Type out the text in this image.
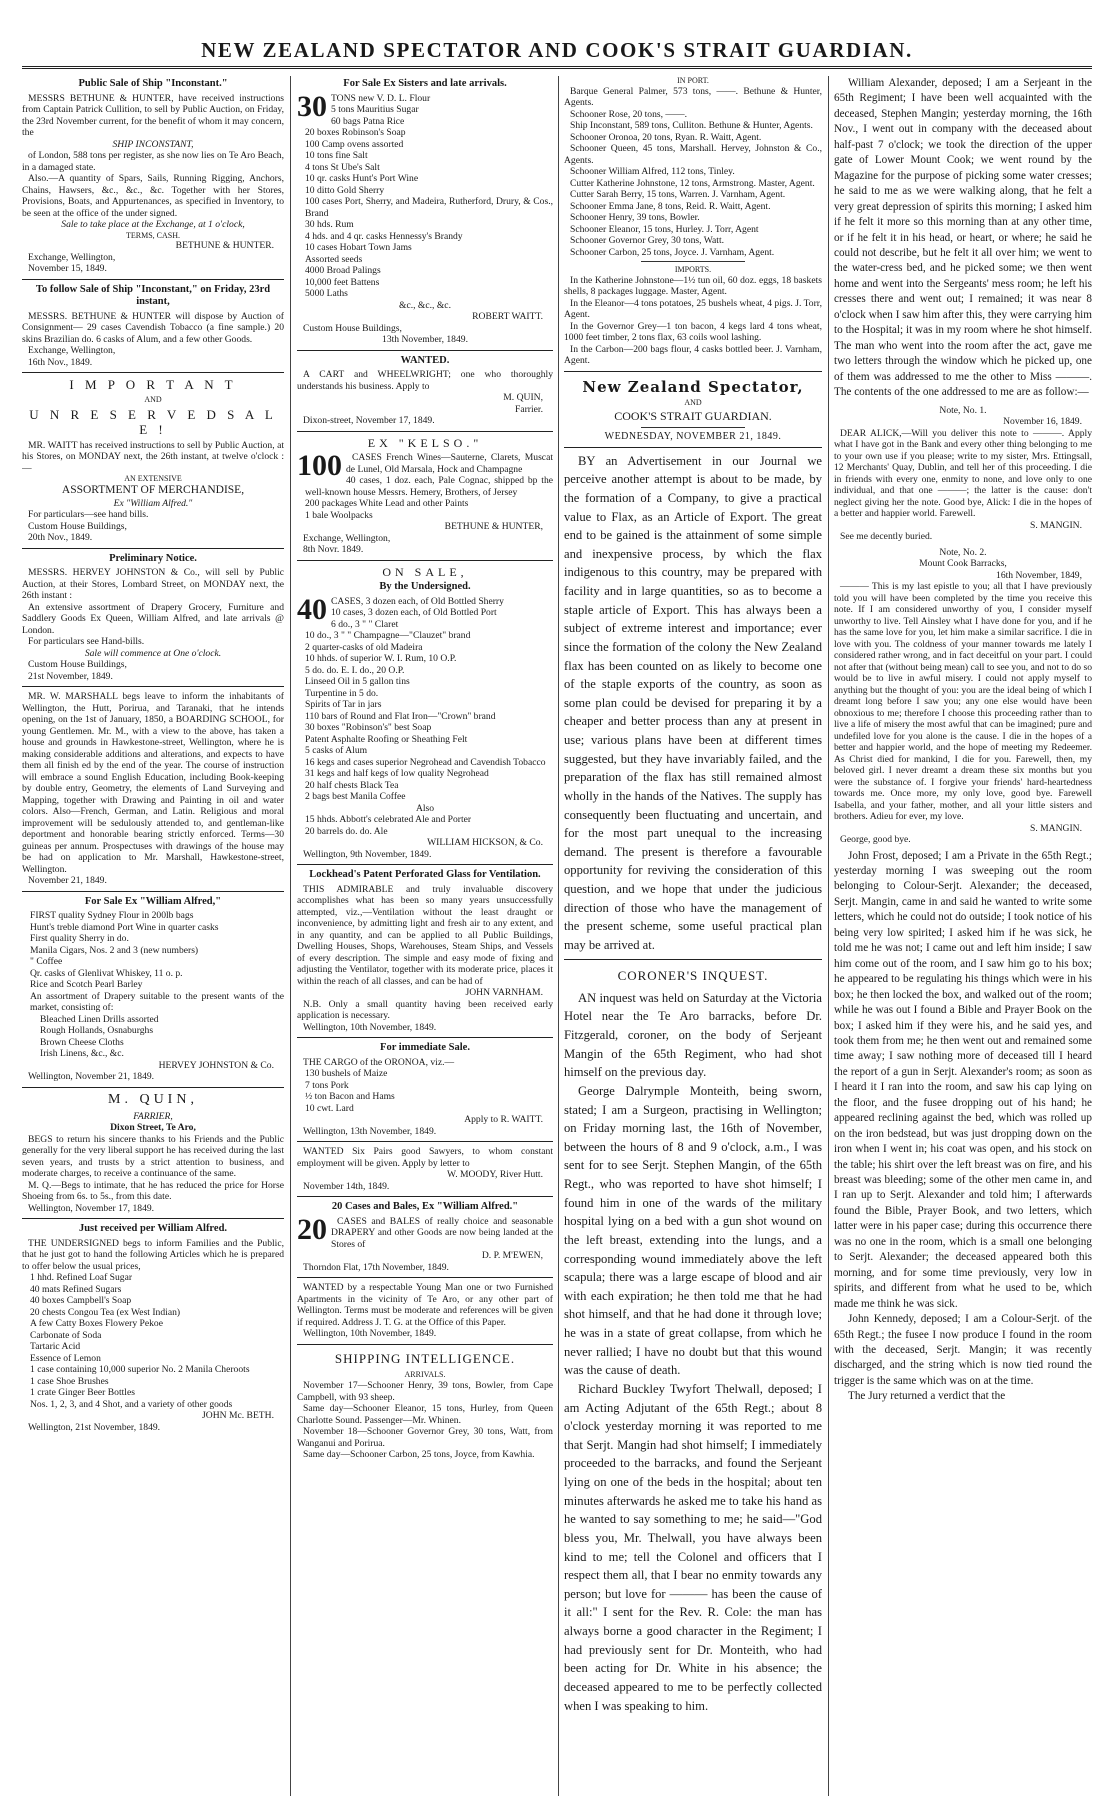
NEW ZEALAND SPECTATOR AND COOK'S STRAIT GUARDIAN.
Public Sale of Ship "Inconstant."

MESSRS BETHUNE & HUNTER, have received instructions from Captain Patrick Cullition, to sell by Public Auction, on Friday, the 23rd November current, for the benefit of whom it may concern, the

SHIP INCONSTANT,

of London, 588 tons per register, as she now lies on Te Aro Beach, in a damaged state.

Also.—A quantity of Spars, Sails, Running Rigging, Anchors, Chains, Hawsers, &c., &c., &c. Together with her Stores, Provisions, Boats, and Appurtenances, as specified in Inventory, to be seen at the office of the under signed.

Sale to take place at the Exchange, at 1 o'clock,

TERMS, CASH.

BETHUNE & HUNTER.

Exchange, Wellington,

November 15, 1849.

To follow Sale of Ship "Inconstant," on Friday, 23rd instant,

MESSRS. BETHUNE & HUNTER will dispose by Auction of Consignment— 29 cases Cavendish Tobacco (a fine sample.) 20 skins Brazilian do. 6 casks of Alum, and a few other Goods.

Exchange, Wellington,

16th Nov., 1849.

I M P O R T A N T

AND

U N R E S E R V E D S A L E !

MR. WAITT has received instructions to sell by Public Auction, at his Stores, on MONDAY next, the 26th instant, at twelve o'clock :—

AN EXTENSIVE

ASSORTMENT OF MERCHANDISE,

Ex "William Alfred."

For particulars—see hand bills.

Custom House Buildings,

20th Nov., 1849.

Preliminary Notice.

MESSRS. HERVEY JOHNSTON & Co., will sell by Public Auction, at their Stores, Lombard Street, on MONDAY next, the 26th instant :

An extensive assortment of Drapery Grocery, Furniture and Saddlery Goods Ex Queen, William Alfred, and late arrivals @ London.

For particulars see Hand-bills.

Sale will commence at One o'clock.

Custom House Buildings,

21st November, 1849.

MR. W. MARSHALL begs leave to inform the inhabitants of Wellington, the Hutt, Porirua, and Taranaki, that he intends opening, on the 1st of January, 1850, a BOARDING SCHOOL, for young Gentlemen. Mr. M., with a view to the above, has taken a house and grounds in Hawkestone-street, Wellington, where he is making considerable additions and alterations, and expects to have them all finish ed by the end of the year. The course of instruction will embrace a sound English Education, including Book-keeping by double entry, Geometry, the elements of Land Surveying and Mapping, together with Drawing and Painting in oil and water colors. Also—French, German, and Latin. Religious and moral improvement will be sedulously attended to, and gentleman-like deportment and honorable bearing strictly enforced. Terms—30 guineas per annum. Prospectuses with drawings of the house may be had on application to Mr. Marshall, Hawkestone-street, Wellington.

November 21, 1849.

For Sale Ex "William Alfred,"

FIRST quality Sydney Flour in 200lb bags

Hunt's treble diamond Port Wine in quarter casks

First quality Sherry in do.

Manila Cigars, Nos. 2 and 3 (new numbers)

" Coffee

Qr. casks of Glenlivat Whiskey, 11 o. p.

Rice and Scotch Pearl Barley

An assortment of Drapery suitable to the present wants of the market, consisting of:

Bleached Linen Drills assorted

Rough Hollands, Osnaburghs

Brown Cheese Cloths

Irish Linens, &c., &c.

HERVEY JOHNSTON & Co.

Wellington, November 21, 1849.

M. QUIN,

FARRIER,

Dixon Street, Te Aro,

BEGS to return his sincere thanks to his Friends and the Public generally for the very liberal support he has received during the last seven years, and trusts by a strict attention to business, and moderate charges, to receive a continuance of the same.

M. Q.—Begs to intimate, that he has reduced the price for Horse Shoeing from 6s. to 5s., from this date.

Wellington, November 17, 1849.

Just received per William Alfred.

THE UNDERSIGNED begs to inform Families and the Public, that he just got to hand the following Articles which he is prepared to offer below the usual prices,

1 hhd. Refined Loaf Sugar

40 mats Refined Sugars

40 boxes Campbell's Soap

20 chests Congou Tea (ex West Indian)

A few Catty Boxes Flowery Pekoe

Carbonate of Soda

Tartaric Acid

Essence of Lemon

1 case containing 10,000 superior No. 2 Manila Cheroots

1 case Shoe Brushes

1 crate Ginger Beer Bottles

Nos. 1, 2, 3, and 4 Shot, and a variety of other goods

JOHN Mc. BETH.

Wellington, 21st November, 1849.

For Sale Ex Sisters and late arrivals.
30 TONS new V. D. L. Flour

5 tons Mauritius Sugar

60 bags Patna Rice

20 boxes Robinson's Soap

100 Camp ovens assorted

10 tons fine Salt

4 tons St Ube's Salt

10 qr. casks Hunt's Port Wine

10 ditto Gold Sherry

100 cases Port, Sherry, and Madeira, Rutherford, Drury, & Cos., Brand

30 hds. Rum

4 hds. and 4 qr. casks Hennessy's Brandy

10 cases Hobart Town Jams

Assorted seeds

4000 Broad Palings

10,000 feet Battens

5000 Laths

&c., &c., &c.

ROBERT WAITT.

Custom House Buildings,

13th November, 1849.

WANTED.

A CART and WHEELWRIGHT; one who thoroughly understands his business. Apply to

M. QUIN,

Farrier.

Dixon-street, November 17, 1849.

EX "KELSO."
100	CASES French Wines—Sauterne, Clarets, Muscat de Lunel, Old Marsala, Hock and Champagne

40 cases, 1 doz. each, Pale Cognac, shipped bp the well-known house Messrs. Hemery, Brothers, of Jersey

200 packages White Lead and other Paints

1 bale Woolpacks

BETHUNE & HUNTER,

Exchange, Wellington,

8th Novr. 1849.

ON SALE,
By the Undersigned.
40 CASES, 3 dozen each, of Old Bottled Sherry

10 cases, 3 dozen each, of Old Bottled Port

6 do., 3 " " Claret

10 do., 3 " " Champagne—"Clauzet" brand

2 quarter-casks of old Madeira

10 hhds. of superior W. I. Rum, 10 O.P.

5 do. do. E. I. do., 20 O.P.

Linseed Oil in 5 gallon tins

Turpentine in 5 do.

Spirits of Tar in jars

110 bars of Round and Flat Iron—"Crown" brand

30 boxes "Robinson's" best Soap

Patent Asphalte Roofing or Sheathing Felt

5 casks of Alum

16 kegs and cases superior Negrohead and Cavendish Tobacco

31 kegs and half kegs of low quality Negrohead

20 half chests Black Tea

2 bags best Manila Coffee

Also

15 hhds. Abbott's celebrated Ale and Porter

20 barrels do. do. Ale

WILLIAM HICKSON, & Co.

Wellington, 9th November, 1849.

Lockhead's Patent Perforated Glass for Ventilation.

THIS ADMIRABLE and truly invaluable discovery accomplishes what has been so many years unsuccessfully attempted, viz.,—Ventilation without the least draught or inconvenience, by admitting light and fresh air to any extent, and in any quantity, and can be applied to all Public Buildings, Dwelling Houses, Shops, Warehouses, Steam Ships, and Vessels of every description. The simple and easy mode of fixing and adjusting the Ventilator, together with its moderate price, places it within the reach of all classes, and can be had of

JOHN VARNHAM.

N.B. Only a small quantity having been received early application is necessary.

Wellington, 10th November, 1849.

For immediate Sale.

THE CARGO of the ORONOA, viz.—

130 bushels of Maize

7 tons Pork

½ ton Bacon and Hams

10 cwt. Lard

Apply to R. WAITT.

Wellington, 13th November, 1849.

WANTED Six Pairs good Sawyers, to whom constant employment will be given. Apply by letter to

W. MOODY, River Hutt.

November 14th, 1849.

20 Cases and Bales, Ex "William Alfred."
20	CASES and BALES of really choice and seasonable DRAPERY and other Goods are now being landed at the Stores of

D. P. M'EWEN,

Thorndon Flat, 17th November, 1849.

WANTED by a respectable Young Man one or two Furnished Apartments in the vicinity of Te Aro, or any other part of Wellington. Terms must be moderate and references will be given if required. Address J. T. G. at the Office of this Paper.

Wellington, 10th November, 1849.

SHIPPING INTELLIGENCE.

ARRIVALS.

November 17—Schooner Henry, 39 tons, Bowler, from Cape Campbell, with 93 sheep.

Same day—Schooner Eleanor, 15 tons, Hurley, from Queen Charlotte Sound. Passenger—Mr. Whinen.

November 18—Schooner Governor Grey, 30 tons, Watt, from Wanganui and Porirua.

Same day—Schooner Carbon, 25 tons, Joyce, from Kawhia.

IN PORT.

Barque General Palmer, 573 tons, ——. Bethune & Hunter, Agents.

Schooner Rose, 20 tons, ——.

Ship Inconstant, 589 tons, Culliton. Bethune & Hunter, Agents.

Schooner Oronoa, 20 tons, Ryan. R. Waitt, Agent.

Schooner Queen, 45 tons, Marshall. Hervey, Johnston & Co., Agents.

Schooner William Alfred, 112 tons, Tinley.

Cutter Katherine Johnstone, 12 tons, Armstrong. Master, Agent.

Cutter Sarah Berry, 15 tons, Warren. J. Varnham, Agent.

Schooner Emma Jane, 8 tons, Reid. R. Waitt, Agent.

Schooner Henry, 39 tons, Bowler.

Schooner Eleanor, 15 tons, Hurley. J. Torr, Agent

Schooner Governor Grey, 30 tons, Watt.

Schooner Carbon, 25 tons, Joyce. J. Varnham, Agent.

IMPORTS.

In the Katherine Johnstone—1½ tun oil, 60 doz. eggs, 18 baskets shells, 8 packages luggage. Master, Agent.

In the Eleanor—4 tons potatoes, 25 bushels wheat, 4 pigs. J. Torr, Agent.

In the Governor Grey—1 ton bacon, 4 kegs lard 4 tons wheat, 1000 feet timber, 2 tons flax, 63 coils wool lashing.

In the Carbon—200 bags flour, 4 casks bottled beer. J. Varnham, Agent.

New Zealand Spectator,

AND

COOK'S STRAIT GUARDIAN.

WEDNESDAY, NOVEMBER 21, 1849.

BY an Advertisement in our Journal we perceive another attempt is about to be made, by the formation of a Company, to give a practical value to Flax, as an Article of Export. The great end to be gained is the attainment of some simple and inexpensive process, by which the flax indigenous to this country, may be prepared with facility and in large quantities, so as to become a staple article of Export. This has always been a subject of extreme interest and importance; ever since the formation of the colony the New Zealand flax has been counted on as likely to become one of the staple exports of the country, as soon as some plan could be devised for preparing it by a cheaper and better process than any at present in use; various plans have been at different times suggested, but they have invariably failed, and the preparation of the flax has still remained almost wholly in the hands of the Natives. The supply has consequently been fluctuating and uncertain, and for the most part unequal to the increasing demand. The present is therefore a favourable opportunity for reviving the consideration of this question, and we hope that under the judicious direction of those who have the management of the present scheme, some useful practical plan may be arrived at.

CORONER'S INQUEST.

AN inquest was held on Saturday at the Victoria Hotel near the Te Aro barracks, before Dr. Fitzgerald, coroner, on the body of Serjeant Mangin of the 65th Regiment, who had shot himself on the previous day.

George Dalrymple Monteith, being sworn, stated; I am a Surgeon, practising in Wellington; on Friday morning last, the 16th of November, between the hours of 8 and 9 o'clock, a.m., I was sent for to see Serjt. Stephen Mangin, of the 65th Regt., who was reported to have shot himself; I found him in one of the wards of the military hospital lying on a bed with a gun shot wound on the left breast, extending into the lungs, and a corresponding wound immediately above the left scapula; there was a large escape of blood and air with each expiration; he then told me that he had shot himself, and that he had done it through love; he was in a state of great collapse, from which he never rallied; I have no doubt but that this wound was the cause of death.

Richard Buckley Twyfort Thelwall, deposed; I am Acting Adjutant of the 65th Regt.; about 8 o'clock yesterday morning it was reported to me that Serjt. Mangin had shot himself; I immediately proceeded to the barracks, and found the Serjeant lying on one of the beds in the hospital; about ten minutes afterwards he asked me to take his hand as he wanted to say something to me; he said—"God bless you, Mr. Thelwall, you have always been kind to me; tell the Colonel and officers that I respect them all, that I bear no enmity towards any person; but love for ——— has been the cause of it all:" I sent for the Rev. R. Cole: the man has always borne a good character in the Regiment; I had previously sent for Dr. Monteith, who had been acting for Dr. White in his absence; the deceased appeared to me to be perfectly collected when I was speaking to him.

William Alexander, deposed; I am a Serjeant in the 65th Regiment; I have been well acquainted with the deceased, Stephen Mangin; yesterday morning, the 16th Nov., I went out in company with the deceased about half-past 7 o'clock; we took the direction of the upper gate of Lower Mount Cook; we went round by the Magazine for the purpose of picking some water cresses; he said to me as we were walking along, that he felt a very great depression of spirits this morning; I asked him if he felt it more so this morning than at any other time, or if he felt it in his head, or heart, or where; he said he could not describe, but he felt it all over him; we went to the water-cress bed, and he picked some; we then went home and went into the Sergeants' mess room; he left his cresses there and went out; I remained; it was near 8 o'clock when I saw him after this, they were carrying him to the Hospital; it was in my room where he shot himself. The man who went into the room after the act, gave me two letters through the window which he picked up, one of them was addressed to me the other to Miss ———. The contents of the one addressed to me are as follow:—

Note, No. 1.

November 16, 1849.

DEAR ALICK,—Will you deliver this note to ———. Apply what I have got in the Bank and every other thing belonging to me to your own use if you please; write to my sister, Mrs. Ettingsall, 12 Merchants' Quay, Dublin, and tell her of this proceeding. I die in friends with every one, enmity to none, and love only to one individual, and that one ———; the latter is the cause: don't neglect giving her the note. Good bye, Alick: I die in the hopes of a better and happier world. Farewell.

S. MANGIN.

See me decently buried.

Note, No. 2.

Mount Cook Barracks,

16th November, 1849,

——— This is my last epistle to you; all that I have previously told you will have been completed by the time you receive this note. If I am considered unworthy of you, I consider myself unworthy to live. Tell Ainsley what I have done for you, and if he has the same love for you, let him make a similar sacrifice. I die in love with you. The coldness of your manner towards me lately I considered rather wrong, and in fact deceitful on your part. I could not after that (without being mean) call to see you, and not to do so would be to live in awful misery. I could not apply myself to anything but the thought of you: you are the ideal being of which I dreamt long before I saw you; any one else would have been obnoxious to me; therefore I choose this proceeding rather than to live a life of misery the most awful that can be imagined; pure and undefiled love for you alone is the cause. I die in the hopes of a better and happier world, and the hope of meeting my Redeemer. As Christ died for mankind, I die for you. Farewell, then, my beloved girl. I never dreamt a dream these six months but you were the substance of. I forgive your friends' hard-heartedness towards me. Once more, my only love, good bye. Farewell Isabella, and your father, mother, and all your little sisters and brothers. Adieu for ever, my love.

S. MANGIN.

George, good bye.

John Frost, deposed; I am a Private in the 65th Regt.; yesterday morning I was sweeping out the room belonging to Colour-Serjt. Alexander; the deceased, Serjt. Mangin, came in and said he wanted to write some letters, which he could not do outside; I took notice of his being very low spirited; I asked him if he was sick, he told me he was not; I came out and left him inside; I saw him come out of the room, and I saw him go to his box; he appeared to be regulating his things which were in his box; he then locked the box, and walked out of the room; while he was out I found a Bible and Prayer Book on the box; I asked him if they were his, and he said yes, and took them from me; he then went out and remained some time away; I saw nothing more of deceased till I heard the report of a gun in Serjt. Alexander's room; as soon as I heard it I ran into the room, and saw his cap lying on the floor, and the fusee dropping out of his hand; he appeared reclining against the bed, which was rolled up on the iron bedstead, but was just dropping down on the iron when I went in; his coat was open, and his stock on the table; his shirt over the left breast was on fire, and his breast was bleeding; some of the other men came in, and I ran up to Serjt. Alexander and told him; I afterwards found the Bible, Prayer Book, and two letters, which latter were in his paper case; during this occurrence there was no one in the room, which is a small one belonging to Serjt. Alexander; the deceased appeared both this morning, and for some time previously, very low in spirits, and different from what he used to be, which made me think he was sick.

John Kennedy, deposed; I am a Colour-Serjt. of the 65th Regt.; the fusee I now produce I found in the room with the deceased, Serjt. Mangin; it was recently discharged, and the string which is now tied round the trigger is the same which was on at the time.

The Jury returned a verdict that the
